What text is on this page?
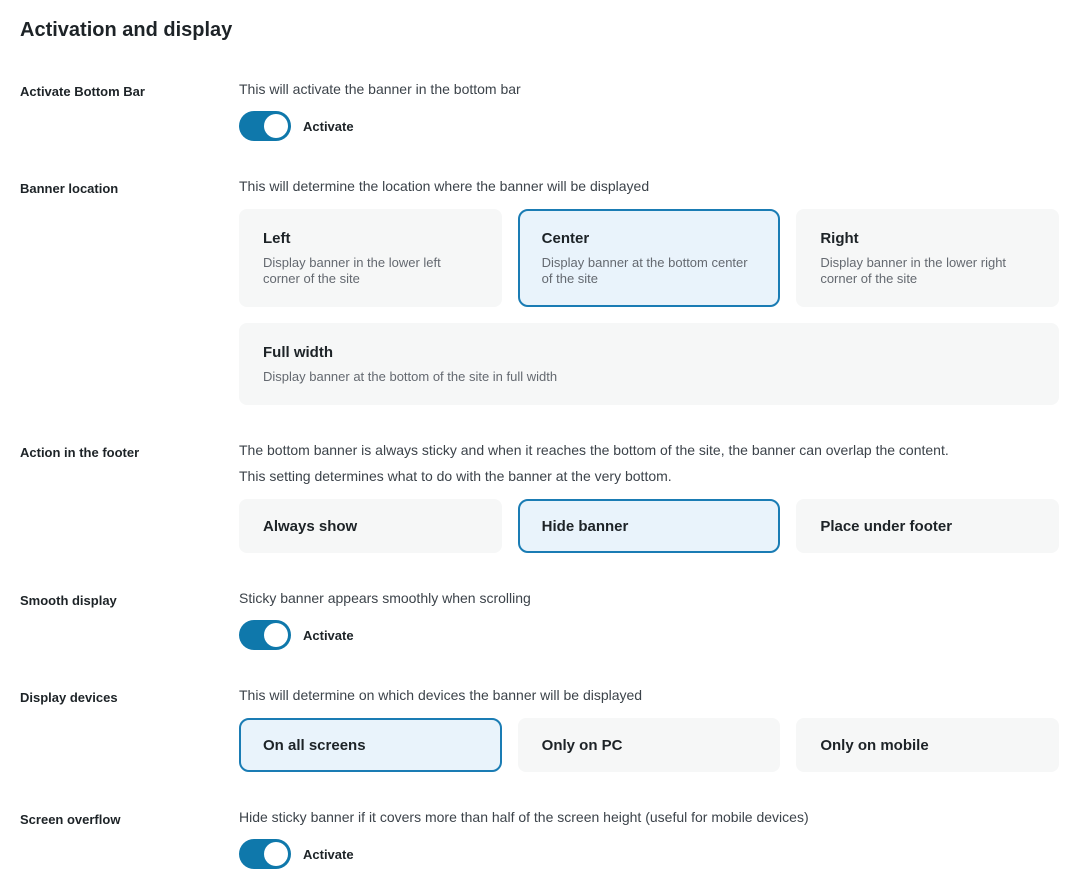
Activation and display
Activate Bottom Bar	This will activate the banner in the bottom bar

Activate
Banner location	This will determine the location where the banner will be displayed

Left
Display banner in the lower left corner of the site
Center
Display banner at the bottom center of the site
Right
Display banner in the lower right corner of the site
Full width
Display banner at the bottom of the site in full width
Action in the footer	The bottom banner is always sticky and when it reaches the bottom of the site, the banner can overlap the content.

This setting determines what to do with the banner at the very bottom.

Always show	Hide banner	Place under footer
Smooth display	Sticky banner appears smoothly when scrolling

Activate
Display devices	This will determine on which devices the banner will be displayed

On all screens	Only on PC	Only on mobile
Screen overflow	Hide sticky banner if it covers more than half of the screen height (useful for mobile devices)

Activate
